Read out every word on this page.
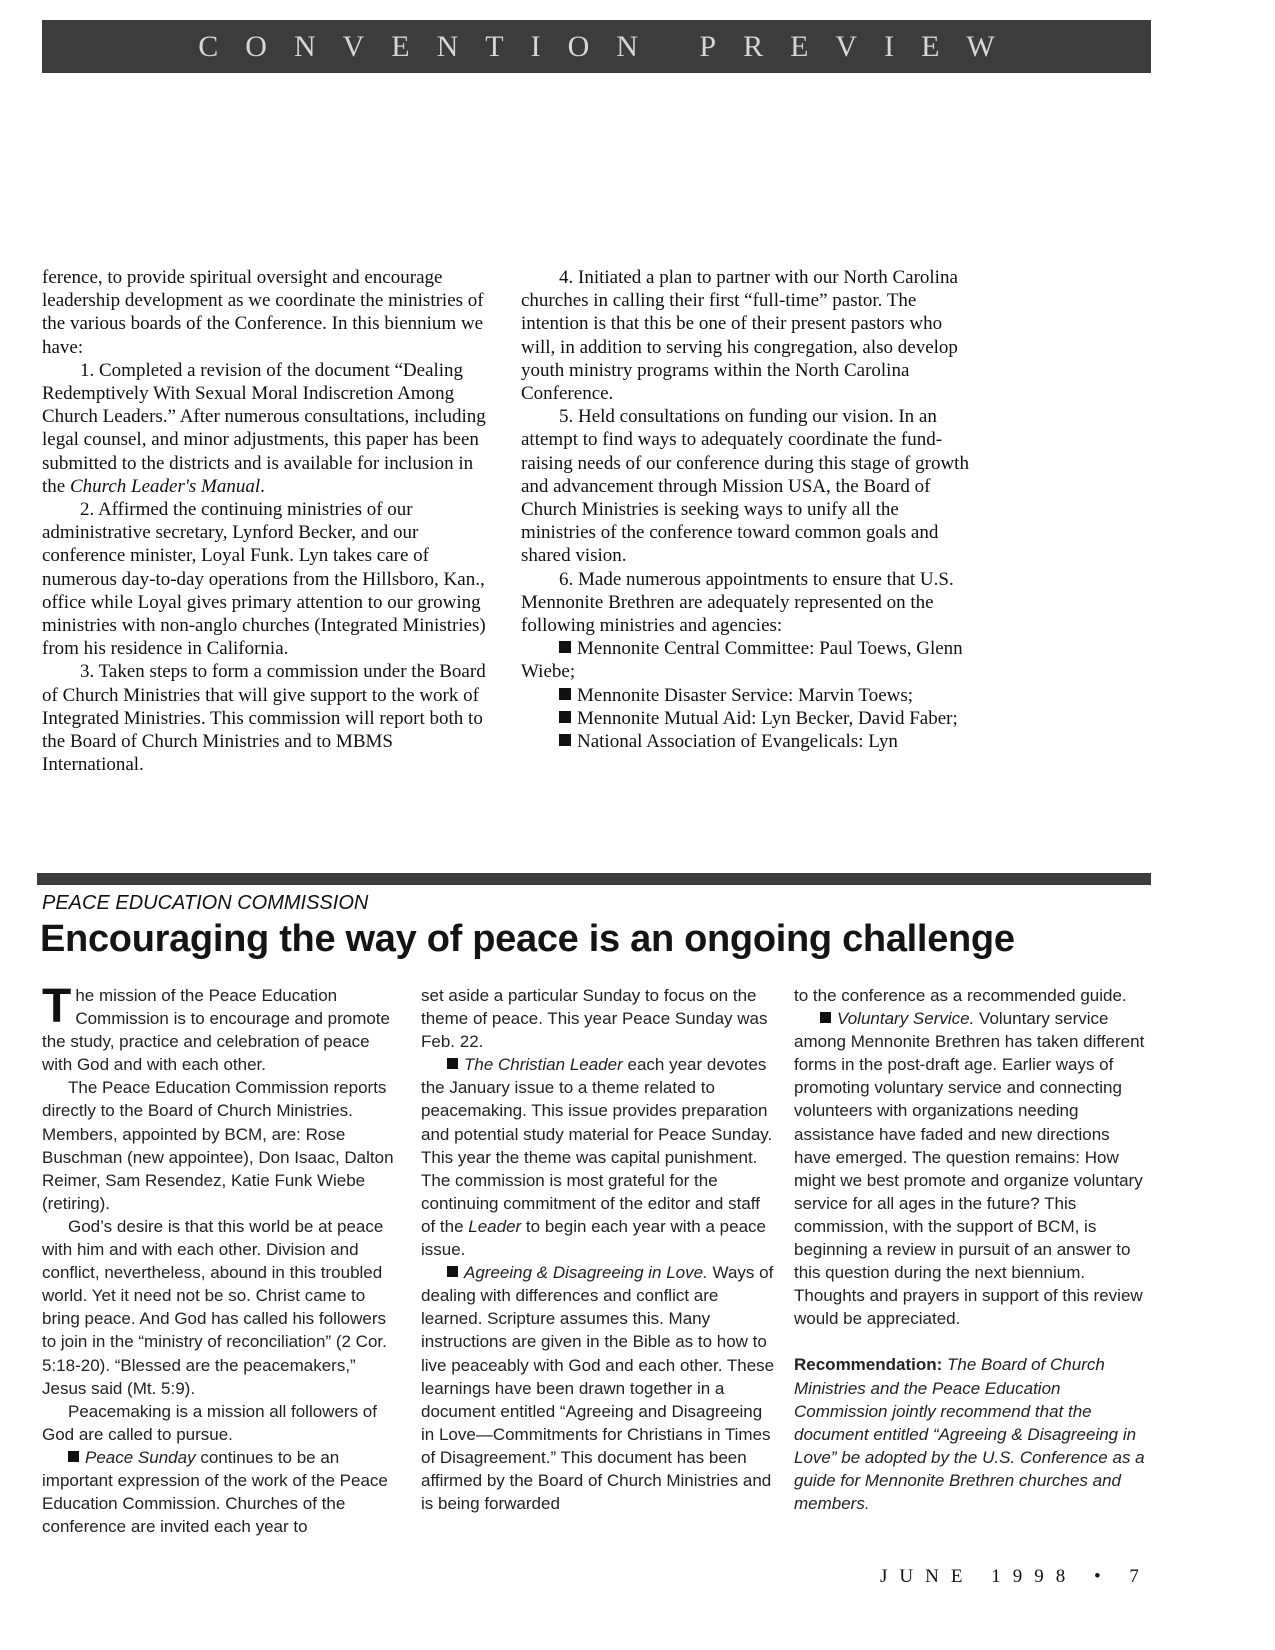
CONVENTION PREVIEW

ference, to provide spiritual oversight and encourage leadership development as we coordinate the ministries of the various boards of the Conference. In this biennium we have:

1. Completed a revision of the document “Dealing Redemptively With Sexual Moral Indiscretion Among Church Leaders.” After numerous consultations, including legal counsel, and minor adjustments, this paper has been submitted to the districts and is available for inclusion in the Church Leader's Manual.

2. Affirmed the continuing ministries of our administrative secretary, Lynford Becker, and our conference minister, Loyal Funk. Lyn takes care of numerous day-to-day operations from the Hillsboro, Kan., office while Loyal gives primary attention to our growing ministries with non-anglo churches (Integrated Ministries) from his residence in California.

3. Taken steps to form a commission under the Board of Church Ministries that will give support to the work of Integrated Ministries. This commission will report both to the Board of Church Ministries and to MBMS International.

4. Initiated a plan to partner with our North Carolina churches in calling their first “full-time” pastor. The intention is that this be one of their present pastors who will, in addition to serving his congregation, also develop youth ministry programs within the North Carolina Conference.

5. Held consultations on funding our vision. In an attempt to find ways to adequately coordinate the fund-raising needs of our conference during this stage of growth and advancement through Mission USA, the Board of Church Ministries is seeking ways to unify all the ministries of the conference toward common goals and shared vision.

6. Made numerous appointments to ensure that U.S. Mennonite Brethren are adequately represented on the following ministries and agencies:

Mennonite Central Committee: Paul Toews, Glenn Wiebe;

Mennonite Disaster Service: Marvin Toews;

Mennonite Mutual Aid: Lyn Becker, David Faber;

National Association of Evangelicals: Lyn

PEACE EDUCATION COMMISSION
Encouraging the way of peace is an ongoing challenge

The mission of the Peace Education Commission is to encourage and promote the study, practice and celebration of peace with God and with each other.

The Peace Education Commission reports directly to the Board of Church Ministries. Members, appointed by BCM, are: Rose Buschman (new appointee), Don Isaac, Dalton Reimer, Sam Resendez, Katie Funk Wiebe (retiring).

God’s desire is that this world be at peace with him and with each other. Division and conflict, nevertheless, abound in this troubled world. Yet it need not be so. Christ came to bring peace. And God has called his followers to join in the “ministry of reconciliation” (2 Cor. 5:18-20). “Blessed are the peacemakers,” Jesus said (Mt. 5:9).

Peacemaking is a mission all followers of God are called to pursue.

Peace Sunday continues to be an important expression of the work of the Peace Education Commission. Churches of the conference are invited each year to

set aside a particular Sunday to focus on the theme of peace. This year Peace Sunday was Feb. 22.

The Christian Leader each year devotes the January issue to a theme related to peacemaking. This issue provides preparation and potential study material for Peace Sunday. This year the theme was capital punishment. The commission is most grateful for the continuing commitment of the editor and staff of the Leader to begin each year with a peace issue.

Agreeing & Disagreeing in Love. Ways of dealing with differences and conflict are learned. Scripture assumes this. Many instructions are given in the Bible as to how to live peaceably with God and each other. These learnings have been drawn together in a document entitled “Agreeing and Disagreeing in Love—Commitments for Christians in Times of Disagreement.” This document has been affirmed by the Board of Church Ministries and is being forwarded

to the conference as a recommended guide.

Voluntary Service. Voluntary service among Mennonite Brethren has taken different forms in the post-draft age. Earlier ways of promoting voluntary service and connecting volunteers with organizations needing assistance have faded and new directions have emerged. The question remains: How might we best promote and organize voluntary service for all ages in the future? This commission, with the support of BCM, is beginning a review in pursuit of an answer to this question during the next biennium. Thoughts and prayers in support of this review would be appreciated.

Recommendation: The Board of Church Ministries and the Peace Education Commission jointly recommend that the document entitled “Agreeing & Disagreeing in Love” be adopted by the U.S. Conference as a guide for Mennonite Brethren churches and members.

JUNE 1998 • 7
